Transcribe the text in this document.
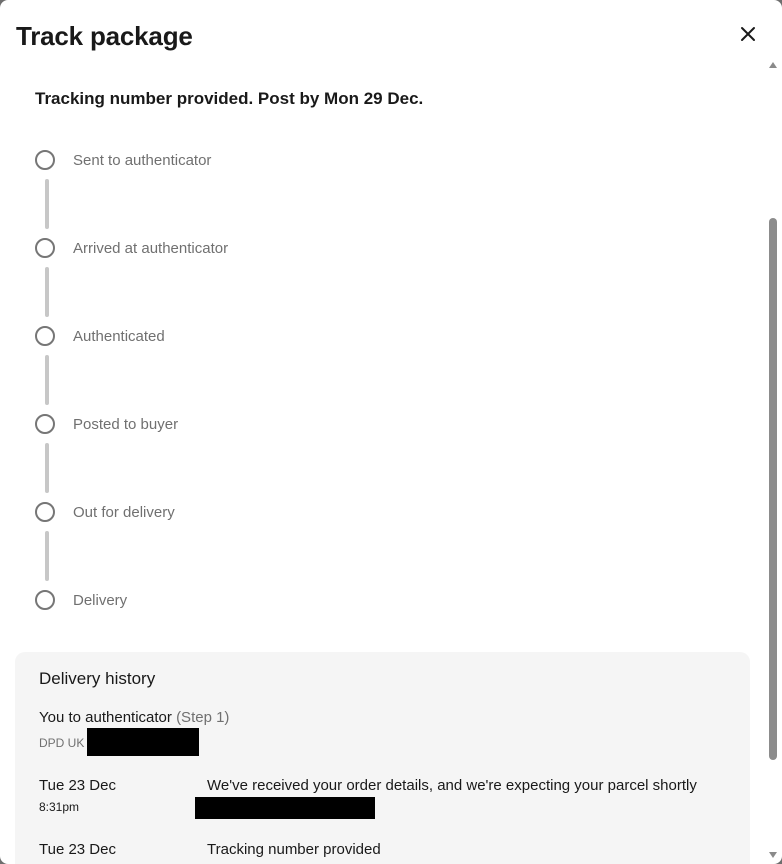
Track package
Tracking number provided. Post by Mon 29 Dec.
Sent to authenticator
Arrived at authenticator
Authenticated
Posted to buyer
Out for delivery
Delivery
Delivery history
You to authenticator (Step 1)
DPD UK
Tue 23 Dec
8:31pm
We've received your order details, and we're expecting your parcel shortly
Tue 23 Dec	Tracking number provided
